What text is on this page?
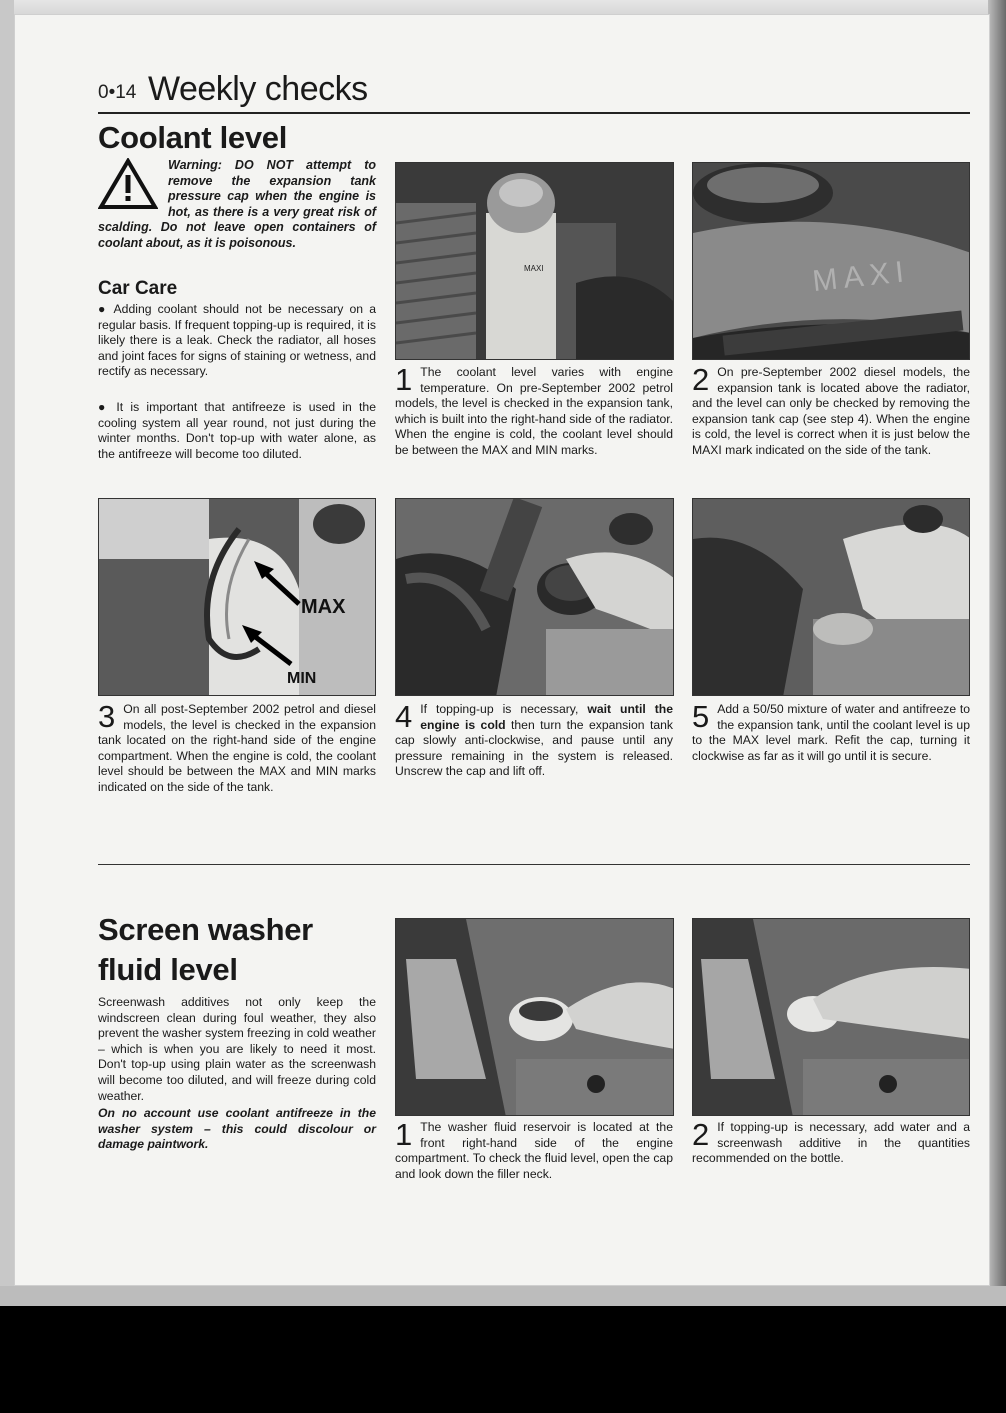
0•14 Weekly checks
Coolant level
Warning: DO NOT attempt to remove the expansion tank pressure cap when the engine is hot, as there is a very great risk of scalding. Do not leave open containers of coolant about, as it is poisonous.
Car Care
● Adding coolant should not be necessary on a regular basis. If frequent topping-up is required, it is likely there is a leak. Check the radiator, all hoses and joint faces for signs of staining or wetness, and rectify as necessary.
● It is important that antifreeze is used in the cooling system all year round, not just during the winter months. Don't top-up with water alone, as the antifreeze will become too diluted.
MAXI	MAXI
MAX
MIN
1 The coolant level varies with engine temperature. On pre-September 2002 petrol models, the level is checked in the expansion tank, which is built into the right-hand side of the radiator. When the engine is cold, the coolant level should be between the MAX and MIN marks.
2 On pre-September 2002 diesel models, the expansion tank is located above the radiator, and the level can only be checked by removing the expansion tank cap (see step 4). When the engine is cold, the level is correct when it is just below the MAXI mark indicated on the side of the tank.
3 On all post-September 2002 petrol and diesel models, the level is checked in the expansion tank located on the right-hand side of the engine compartment. When the engine is cold, the coolant level should be between the MAX and MIN marks indicated on the side of the tank.
4 If topping-up is necessary, wait until the engine is cold then turn the expansion tank cap slowly anti-clockwise, and pause until any pressure remaining in the system is released. Unscrew the cap and lift off.
5 Add a 50/50 mixture of water and antifreeze to the expansion tank, until the coolant level is up to the MAX level mark. Refit the cap, turning it clockwise as far as it will go until it is secure.
Screen washer fluid level
Screenwash additives not only keep the windscreen clean during foul weather, they also prevent the washer system freezing in cold weather – which is when you are likely to need it most. Don't top-up using plain water as the screenwash will become too diluted, and will freeze during cold weather.
On no account use coolant antifreeze in the washer system – this could discolour or damage paintwork.	1 The washer fluid reservoir is located at the front right-hand side of the engine compartment. To check the fluid level, open the cap and look down the filler neck.
2 If topping-up is necessary, add water and a screenwash additive in the quantities recommended on the bottle.
